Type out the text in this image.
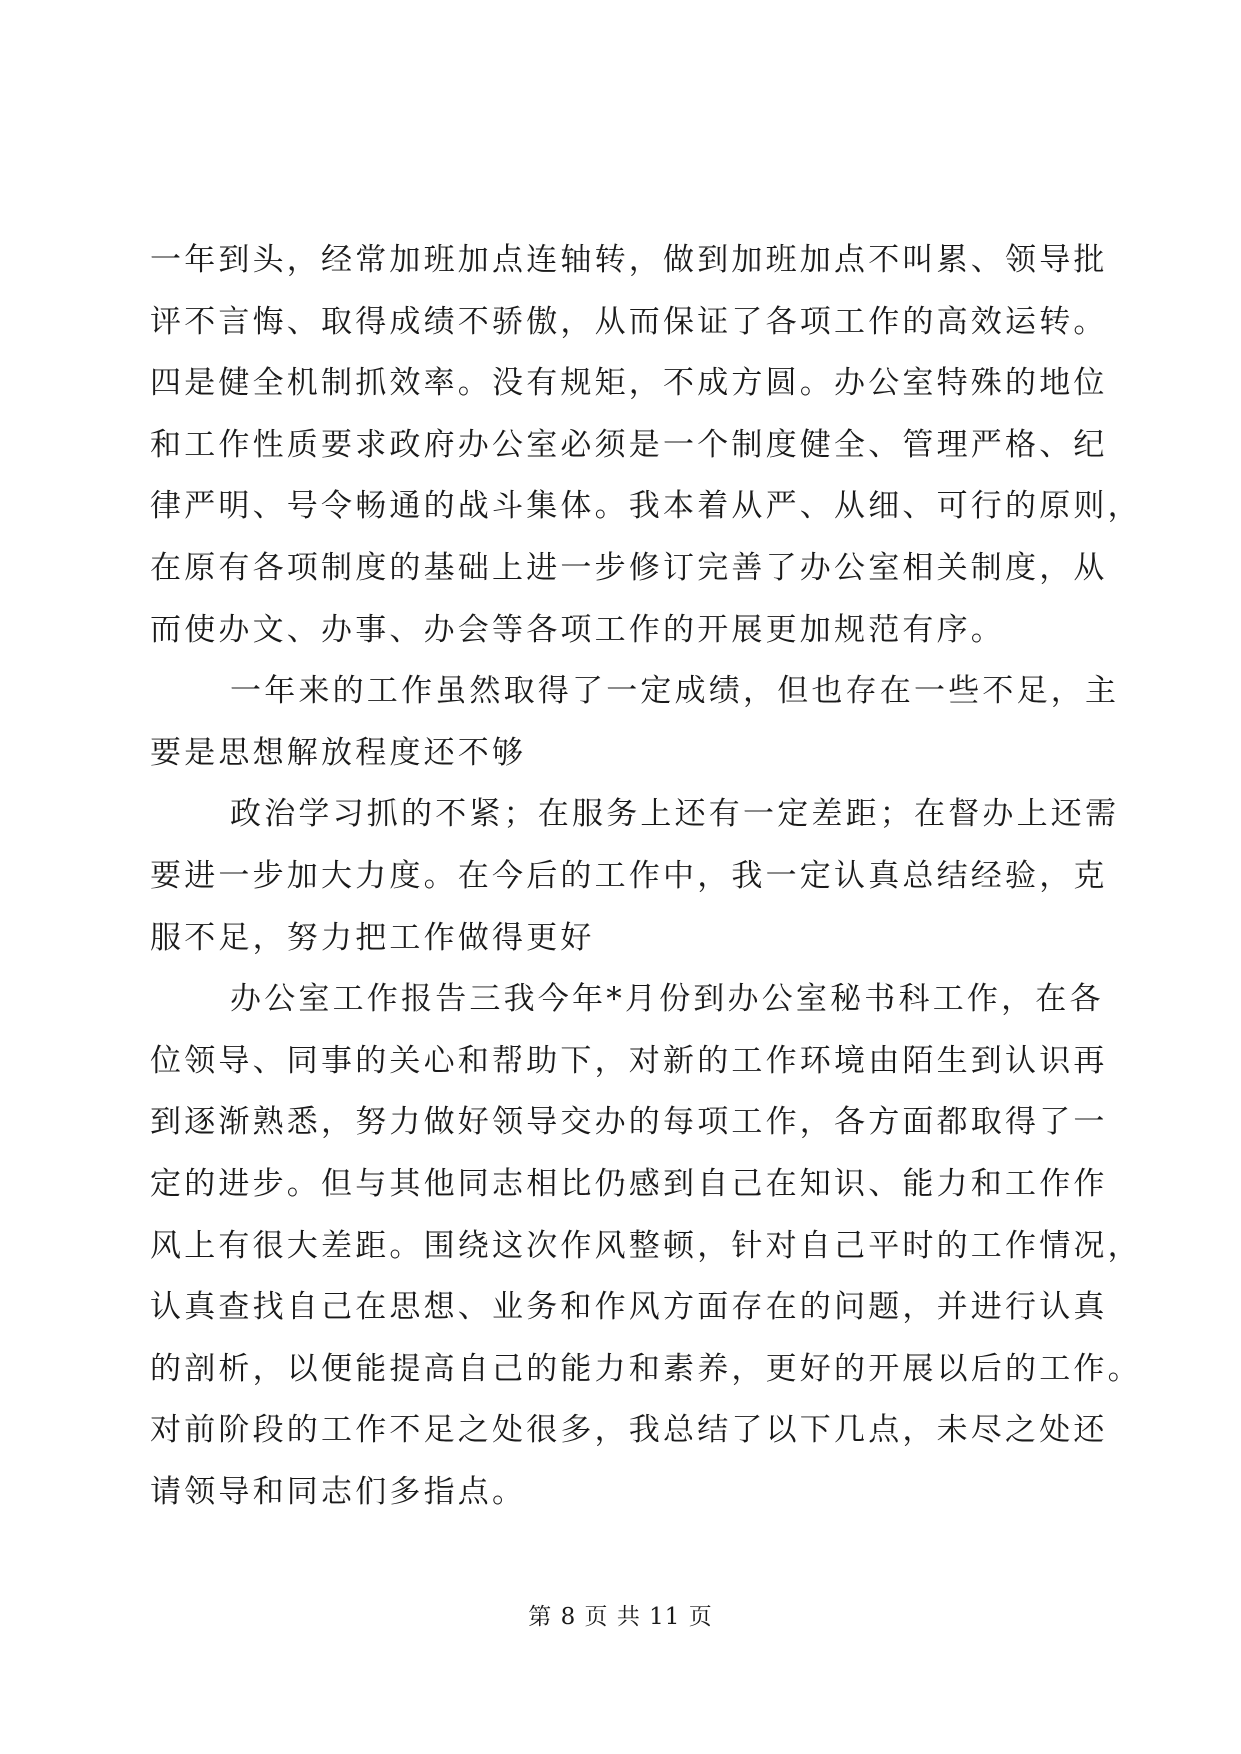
一年到头，经常加班加点连轴转，做到加班加点不叫累、领导批

评不言悔、取得成绩不骄傲，从而保证了各项工作的高效运转。

四是健全机制抓效率。没有规矩，不成方圆。办公室特殊的地位

和工作性质要求政府办公室必须是一个制度健全、管理严格、纪

律严明、号令畅通的战斗集体。我本着从严、从细、可行的原则，

在原有各项制度的基础上进一步修订完善了办公室相关制度，从

而使办文、办事、办会等各项工作的开展更加规范有序。

一年来的工作虽然取得了一定成绩，但也存在一些不足，主

要是思想解放程度还不够

政治学习抓的不紧；在服务上还有一定差距；在督办上还需

要进一步加大力度。在今后的工作中，我一定认真总结经验，克

服不足，努力把工作做得更好

办公室工作报告三我今年*月份到办公室秘书科工作，在各

位领导、同事的关心和帮助下，对新的工作环境由陌生到认识再

到逐渐熟悉，努力做好领导交办的每项工作，各方面都取得了一

定的进步。但与其他同志相比仍感到自己在知识、能力和工作作

风上有很大差距。围绕这次作风整顿，针对自己平时的工作情况，

认真查找自己在思想、业务和作风方面存在的问题，并进行认真

的剖析，以便能提高自己的能力和素养，更好的开展以后的工作。

对前阶段的工作不足之处很多，我总结了以下几点，未尽之处还

请领导和同志们多指点。

第 8 页 共 11 页
